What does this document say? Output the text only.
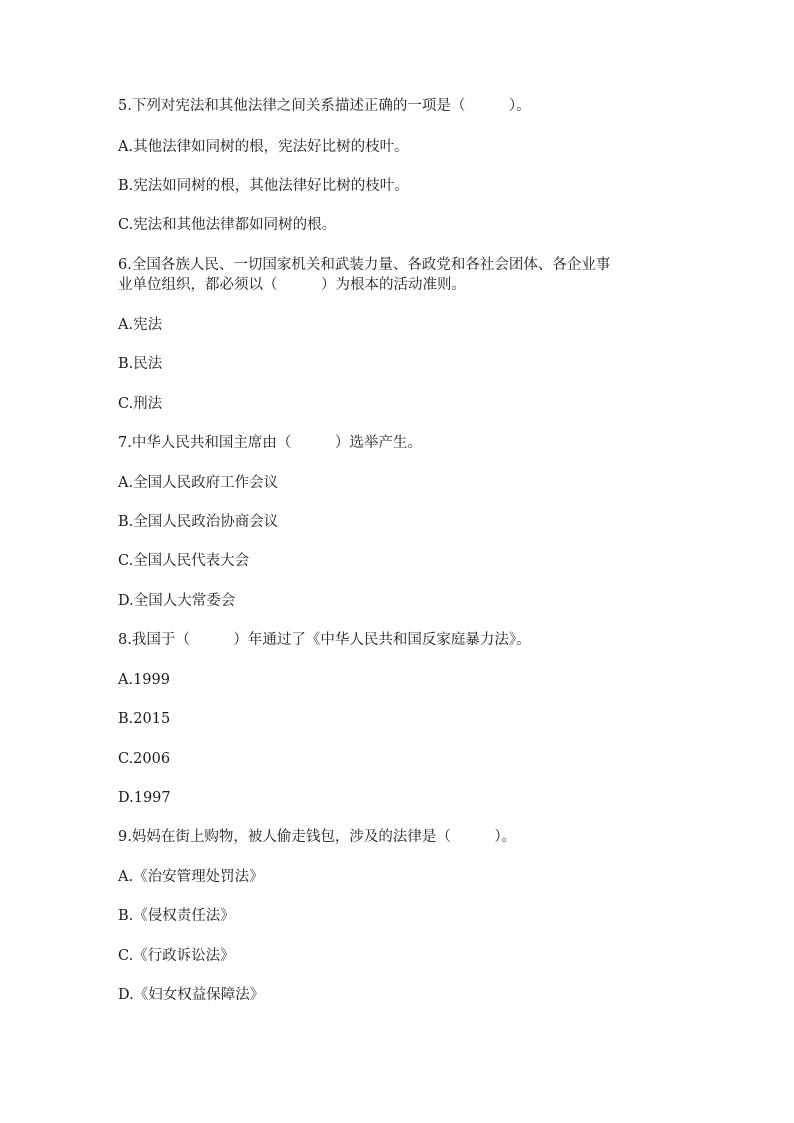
5.下列对宪法和其他法律之间关系描述正确的一项是（　　　）。
A.其他法律如同树的根，宪法好比树的枝叶。
B.宪法如同树的根，其他法律好比树的枝叶。
C.宪法和其他法律都如同树的根。
6.全国各族人民、一切国家机关和武装力量、各政党和各社会团体、各企业事
业单位组织，都必须以（　　　）为根本的活动准则。
A.宪法
B.民法
C.刑法
7.中华人民共和国主席由（　　　）选举产生。
A.全国人民政府工作会议
B.全国人民政治协商会议
C.全国人民代表大会
D.全国人大常委会
8.我国于（　　　）年通过了《中华人民共和国反家庭暴力法》。
A.1999
B.2015
C.2006
D.1997
9.妈妈在街上购物，被人偷走钱包，涉及的法律是（　　　）。
A.《治安管理处罚法》
B.《侵权责任法》
C.《行政诉讼法》
D.《妇女权益保障法》
